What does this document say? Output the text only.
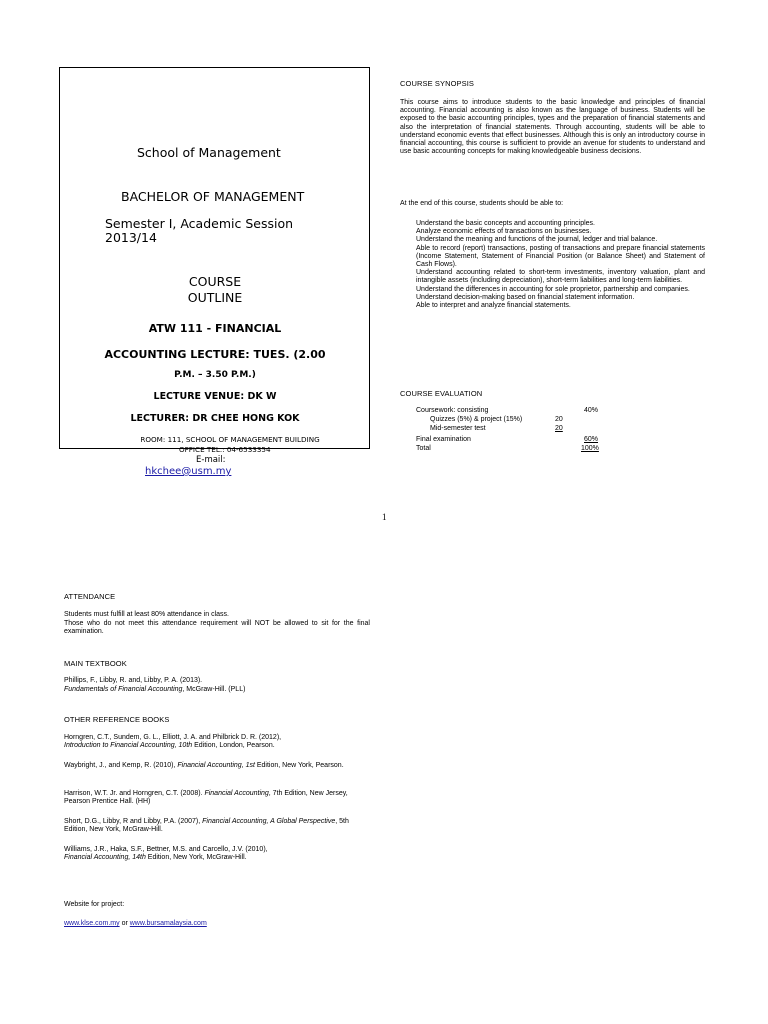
School of Management
BACHELOR OF MANAGEMENT
Semester I, Academic Session 2013/14
COURSE
OUTLINE
ATW 111 - FINANCIAL
ACCOUNTING LECTURE: TUES. (2.00
P.M. – 3.50 P.M.)
LECTURE VENUE: DK W
LECTURER: DR CHEE HONG KOK
ROOM: 111, SCHOOL OF MANAGEMENT BUILDING
OFFICE TEL.: 04-6533354
E-mail:
hkchee@usm.my
COURSE SYNOPSIS
This course aims to introduce students to the basic knowledge and principles of financial accounting. Financial accounting is also known as the language of business. Students will be exposed to the basic accounting principles, types and the preparation of financial statements and also the interpretation of financial statements. Through accounting, students will be able to understand economic events that effect businesses. Although this is only an introductory course in financial accounting, this course is sufficient to provide an avenue for students to understand and use basic accounting concepts for making knowledgeable business decisions.
At the end of this course, students should be able to:
Understand the basic concepts and accounting principles.
Analyze economic effects of transactions on businesses.
Understand the meaning and functions of the journal, ledger and trial balance.
Able to record (report) transactions, posting of transactions and prepare financial statements (Income Statement, Statement of Financial Position (or Balance Sheet) and Statement of Cash Flows).
Understand accounting related to short-term investments, inventory valuation, plant and intangible assets (including depreciation), short-term liabilities and long-term liabilities.
Understand the differences in accounting for sole proprietor, partnership and companies.
Understand decision-making based on financial statement information.
Able to interpret and analyze financial statements.
COURSE EVALUATION
Coursework: consisting	40%
Quizzes (5%) & project (15%)	20
Mid-semester test	20
Final examination	60%
Total	100%
1
ATTENDANCE
Students must fulfill at least 80% attendance in class.
Those who do not meet this attendance requirement will NOT be allowed to sit for the final examination.
MAIN TEXTBOOK
Phillips, F., Libby, R. and, Libby, P. A. (2013).
Fundamentals of Financial Accounting, McGraw-Hill. (PLL)
OTHER REFERENCE BOOKS
Horngren, C.T., Sundem, G. L., Elliott, J. A. and Philbrick D. R. (2012),
Introduction to Financial Accounting, 10th Edition, London, Pearson.
Waybright, J., and Kemp, R. (2010), Financial Accounting, 1st Edition, New York, Pearson.
Harrison, W.T. Jr. and Horngren, C.T. (2008). Financial Accounting, 7th Edition, New Jersey, Pearson Prentice Hall. (HH)
Short, D.G., Libby, R and Libby, P.A. (2007), Financial Accounting, A Global Perspective, 5th Edition, New York, McGraw-Hill.
Williams, J.R., Haka, S.F., Bettner, M.S. and Carcello, J.V. (2010),
Financial Accounting, 14th Edition, New York, McGraw-Hill.
Website for project:
www.klse.com.my or www.bursamalaysia.com
